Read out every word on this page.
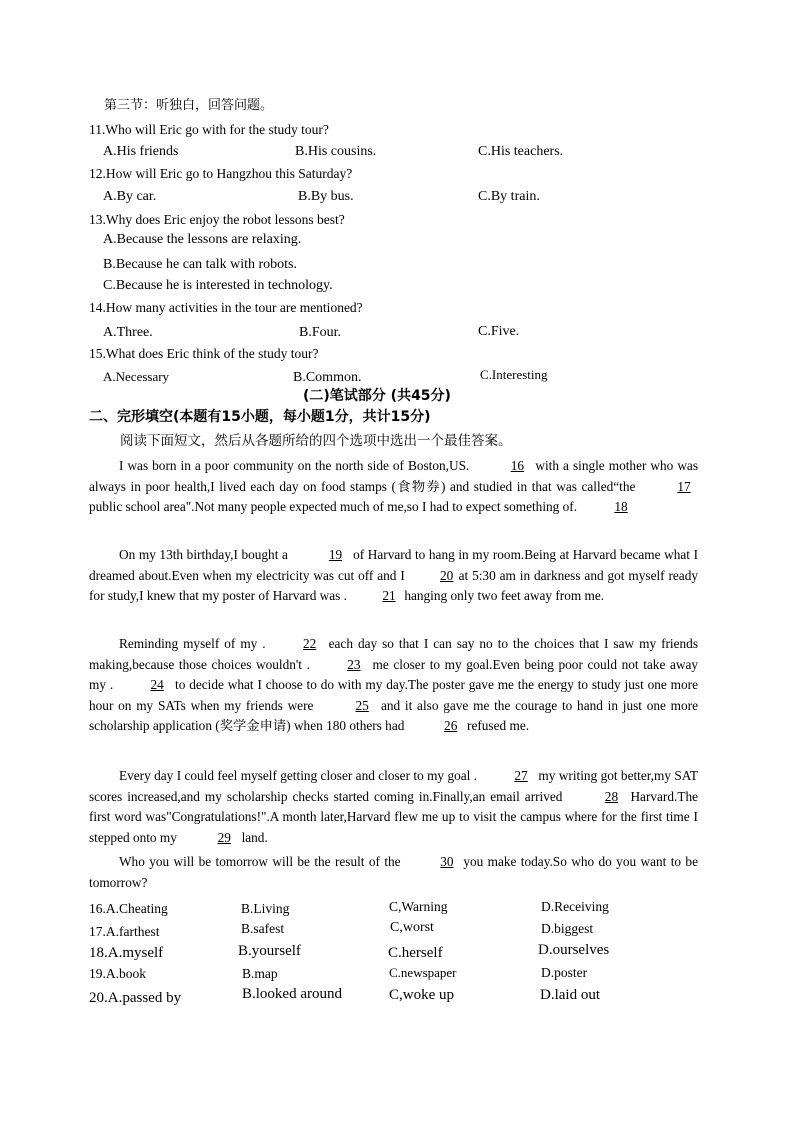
第三节：听独白，回答问题。
11.Who will Eric go with for the study tour?
A.His friends	B.His cousins.	C.His teachers.
12.How will Eric go to Hangzhou this Saturday?
A.By car.	B.By bus.	C.By train.
13.Why does Eric enjoy the robot lessons best?
A.Because the lessons are relaxing.
B.Because he can talk with robots.
C.Because he is interested in technology.
14.How many activities in the tour are mentioned?
A.Three.	B.Four.	C.Five.
15.What does Eric think of the study tour?
A.Necessary	B.Common.	C.Interesting
(二)笔试部分 (共45分)
二、完形填空(本题有15小题，每小题1分，共计15分)
阅读下面短文，然后从各题所给的四个选项中选出一个最佳答案。

I was born in a poor community on the north side of Boston,US.	16 with a single mother who was always in poor health,I lived each day on food stamps (食物券) and studied in that was called“the	17 public school area".Not many people expected much of me,so I had to expect something of.	18

On my 13th birthday,I bought a	19 of Harvard to hang in my room.Being at Harvard became what I dreamed about.Even when my electricity was cut off and I	20 at 5:30 am in darkness and got myself ready for study,I knew that my poster of Harvard was .	21 hanging only two feet away from me.

Reminding myself of my .	22 each day so that I can say no to the choices that I saw my friends making,because those choices wouldn't .	23 me closer to my goal.Even being poor could not take away my .	24 to decide what I choose to do with my day.The poster gave me the energy to study just one more hour on my SATs when my friends were	25 and it also gave me the courage to hand in just one more scholarship application (奖学金申请) when 180 others had	26 refused me.

Every day I could feel myself getting closer and closer to my goal .	27 my writing got better,my SAT scores increased,and my scholarship checks started coming in.Finally,an email arrived	28 Harvard.The first word was"Congratulations!".A month later,Harvard flew me up to visit the campus where for the first time I stepped onto my	29 land.

Who you will be tomorrow will be the result of the	30 you make today.So who do you want to be tomorrow?

16.A.Cheating	B.Living	C,Warning	D.Receiving
17.A.farthest	B.safest	C,worst	D.biggest
18.A.myself	B.yourself	C.herself	D.ourselves
19.A.book	B.map	C.newspaper	D.poster
20.A.passed by	B.looked around	C,woke up	D.laid out
